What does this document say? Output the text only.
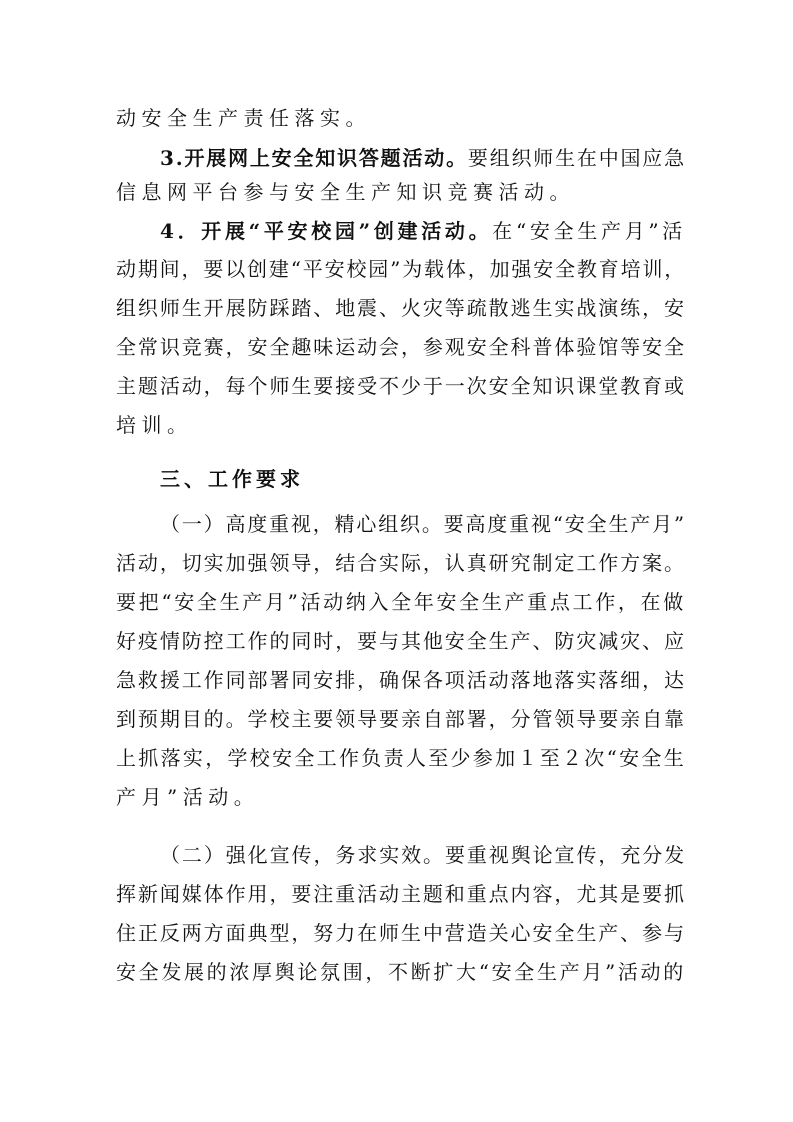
动安全生产责任落实。
3.开展网上安全知识答题活动。要组织师生在中国应急
信息网平台参与安全生产知识竞赛活动。
4．开展“平安校园”创建活动。在“安全生产月”活
动期间，要以创建“平安校园”为载体，加强安全教育培训，
组织师生开展防踩踏、地震、火灾等疏散逃生实战演练，安
全常识竞赛，安全趣味运动会，参观安全科普体验馆等安全
主题活动，每个师生要接受不少于一次安全知识课堂教育或
培训。
三、工作要求
（一）高度重视，精心组织。要高度重视“安全生产月”
活动，切实加强领导，结合实际，认真研究制定工作方案。
要把“安全生产月”活动纳入全年安全生产重点工作，在做
好疫情防控工作的同时，要与其他安全生产、防灾减灾、应
急救援工作同部署同安排，确保各项活动落地落实落细，达
到预期目的。学校主要领导要亲自部署，分管领导要亲自靠
上抓落实，学校安全工作负责人至少参加１至２次“安全生
产月”活动。
（二）强化宣传，务求实效。要重视舆论宣传，充分发
挥新闻媒体作用，要注重活动主题和重点内容，尤其是要抓
住正反两方面典型，努力在师生中营造关心安全生产、参与
安全发展的浓厚舆论氛围，不断扩大“安全生产月”活动的
